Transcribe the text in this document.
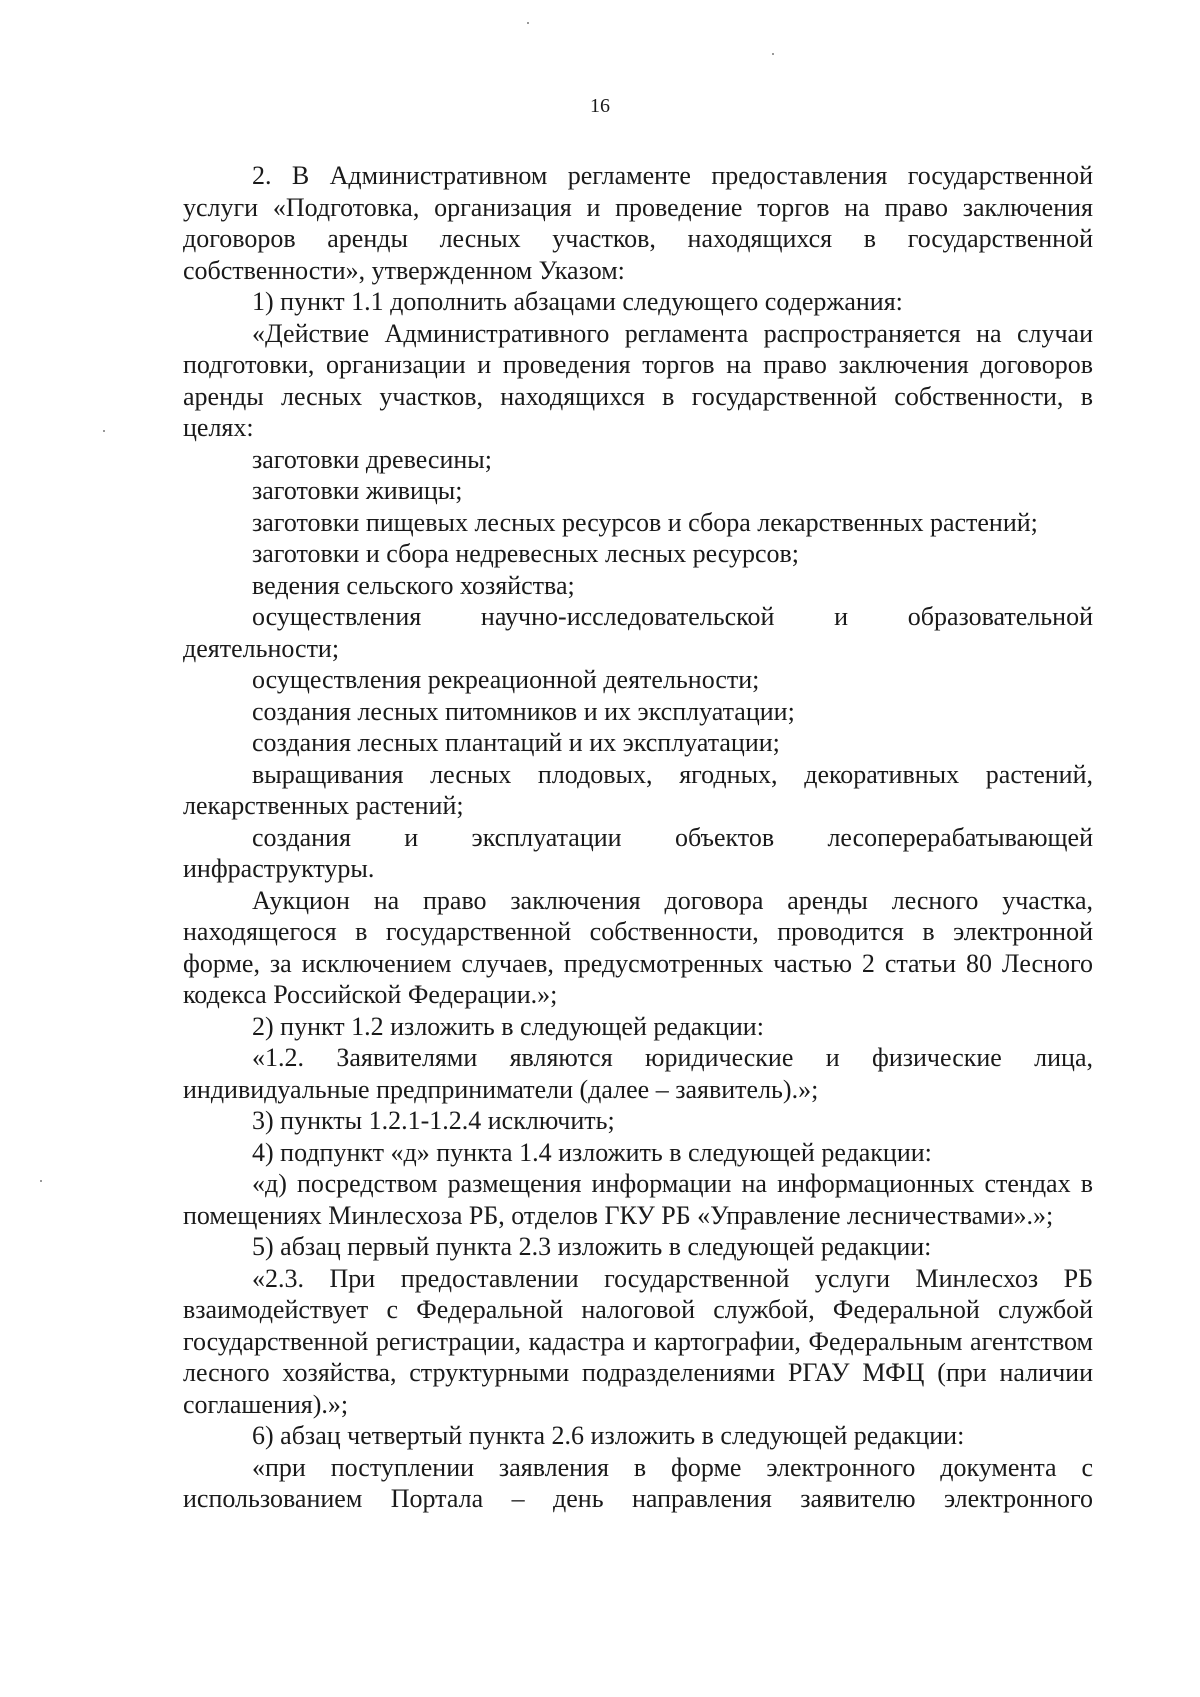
16

2. В Административном регламенте предоставления государственной услуги «Подготовка, организация и проведение торгов на право заключения договоров аренды лесных участков, находящихся в государственной собственности», утвержденном Указом:

1) пункт 1.1 дополнить абзацами следующего содержания:

«Действие Административного регламента распространяется на случаи подготовки, организации и проведения торгов на право заключения договоров аренды лесных участков, находящихся в государственной собственности, в целях:

заготовки древесины;

заготовки живицы;

заготовки пищевых лесных ресурсов и сбора лекарственных растений;

заготовки и сбора недревесных лесных ресурсов;

ведения сельского хозяйства;

осуществления научно-исследовательской и образовательной деятельности;

осуществления рекреационной деятельности;

создания лесных питомников и их эксплуатации;

создания лесных плантаций и их эксплуатации;

выращивания лесных плодовых, ягодных, декоративных растений, лекарственных растений;

создания и эксплуатации объектов лесоперерабатывающей инфраструктуры.

Аукцион на право заключения договора аренды лесного участка, находящегося в государственной собственности, проводится в электронной форме, за исключением случаев, предусмотренных частью 2 статьи 80 Лесного кодекса Российской Федерации.»;

2) пункт 1.2 изложить в следующей редакции:

«1.2. Заявителями являются юридические и физические лица, индивидуальные предприниматели (далее – заявитель).»;

3) пункты 1.2.1-1.2.4 исключить;

4) подпункт «д» пункта 1.4 изложить в следующей редакции:

«д) посредством размещения информации на информационных стендах в помещениях Минлесхоза РБ, отделов ГКУ РБ «Управление лесничествами».»;

5) абзац первый пункта 2.3 изложить в следующей редакции:

«2.3. При предоставлении государственной услуги Минлесхоз РБ взаимодействует с Федеральной налоговой службой, Федеральной службой государственной регистрации, кадастра и картографии, Федеральным агентством лесного хозяйства, структурными подразделениями РГАУ МФЦ (при наличии соглашения).»;

6) абзац четвертый пункта 2.6 изложить в следующей редакции:

«при поступлении заявления в форме электронного документа с использованием Портала – день направления заявителю электронного
